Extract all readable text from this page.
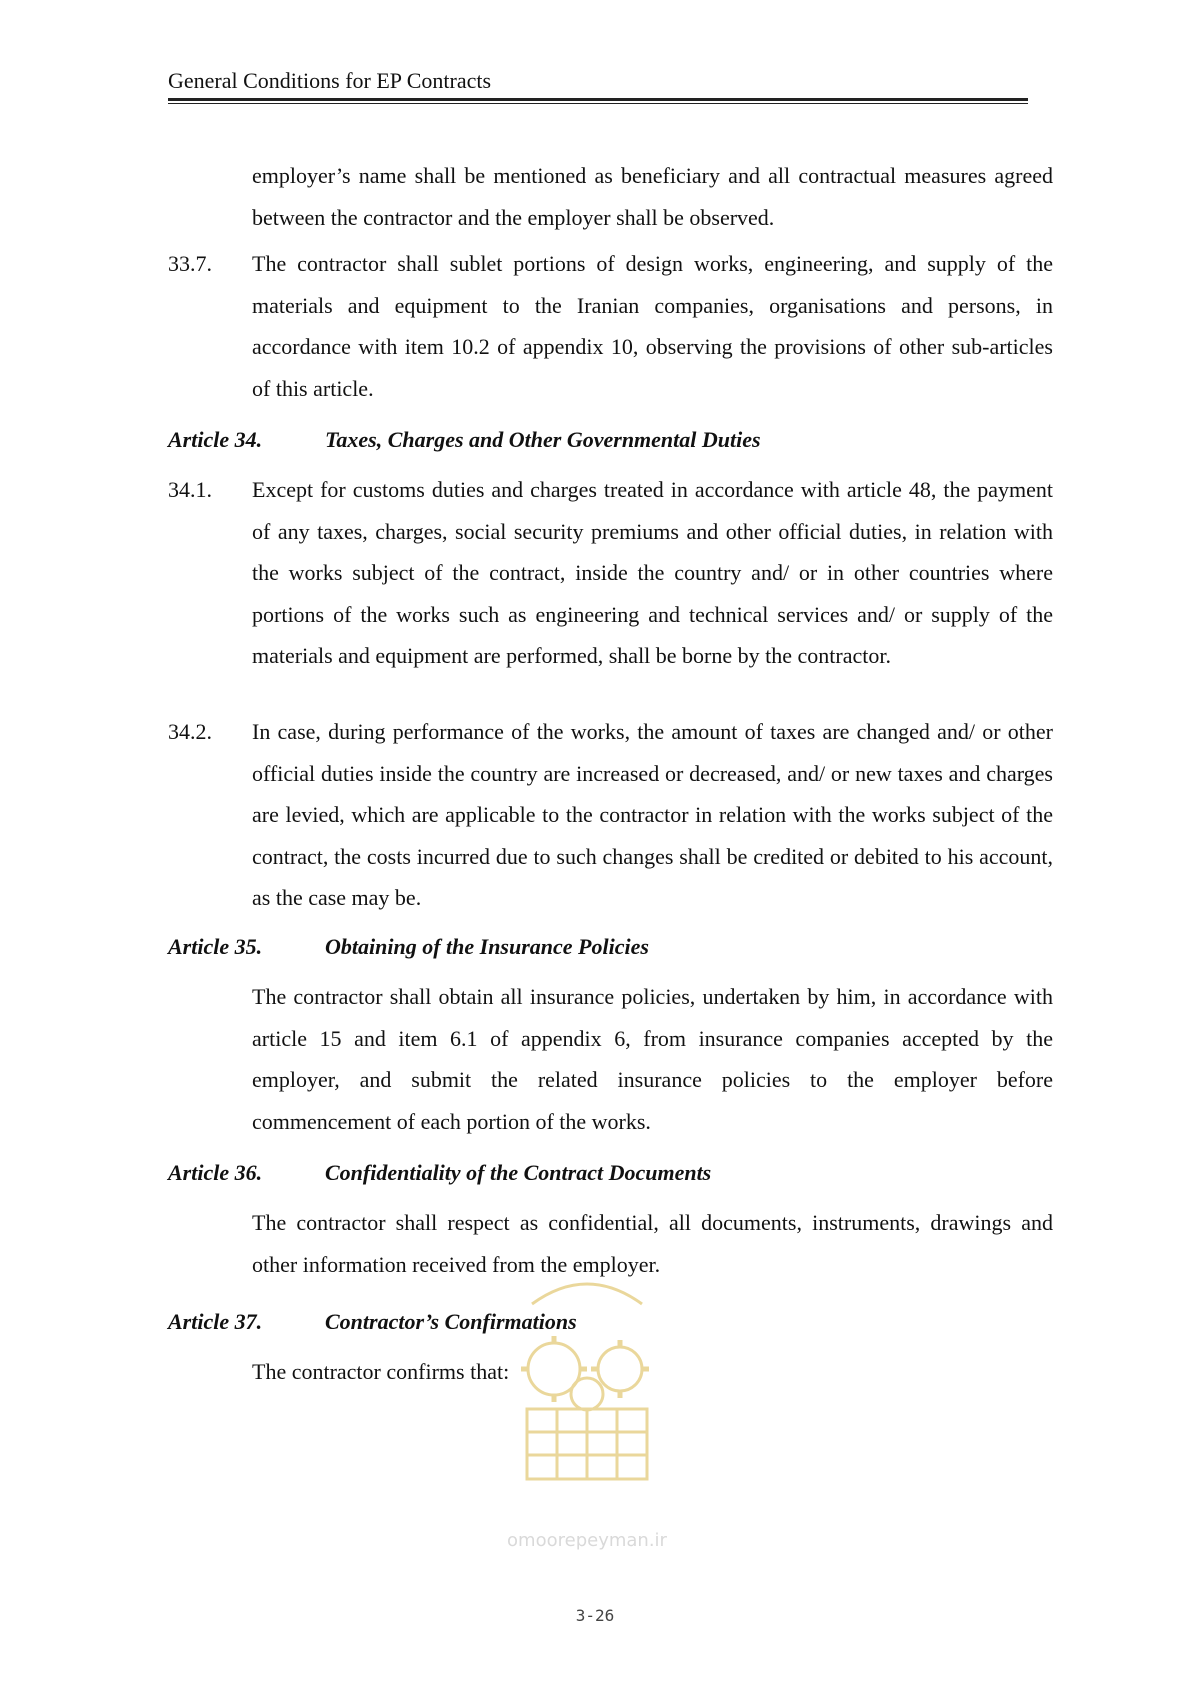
General Conditions for EP Contracts
employer’s name shall be mentioned as beneficiary and all contractual measures agreed between the contractor and the employer shall be observed.
33.7. The contractor shall sublet portions of design works, engineering, and supply of the materials and equipment to the Iranian companies, organisations and persons, in accordance with item 10.2 of appendix 10, observing the provisions of other sub-articles of this article.
Article 34.	Taxes, Charges and Other Governmental Duties
34.1. Except for customs duties and charges treated in accordance with article 48, the payment of any taxes, charges, social security premiums and other official duties, in relation with the works subject of the contract, inside the country and/ or in other countries where portions of the works such as engineering and technical services and/ or supply of the materials and equipment are performed, shall be borne by the contractor.
34.2. In case, during performance of the works, the amount of taxes are changed and/ or other official duties inside the country are increased or decreased, and/ or new taxes and charges are levied, which are applicable to the contractor in relation with the works subject of the contract, the costs incurred due to such changes shall be credited or debited to his account, as the case may be.
Article 35.	Obtaining of the Insurance Policies
The contractor shall obtain all insurance policies, undertaken by him, in accordance with article 15 and item 6.1 of appendix 6, from insurance companies accepted by the employer, and submit the related insurance policies to the employer before commencement of each portion of the works.
Article 36.	Confidentiality of the Contract Documents
The contractor shall respect as confidential, all documents, instruments, drawings and other information received from the employer.
Article 37.	Contractor’s Confirmations
The contractor confirms that:
omoorepeyman.ir
3-26
